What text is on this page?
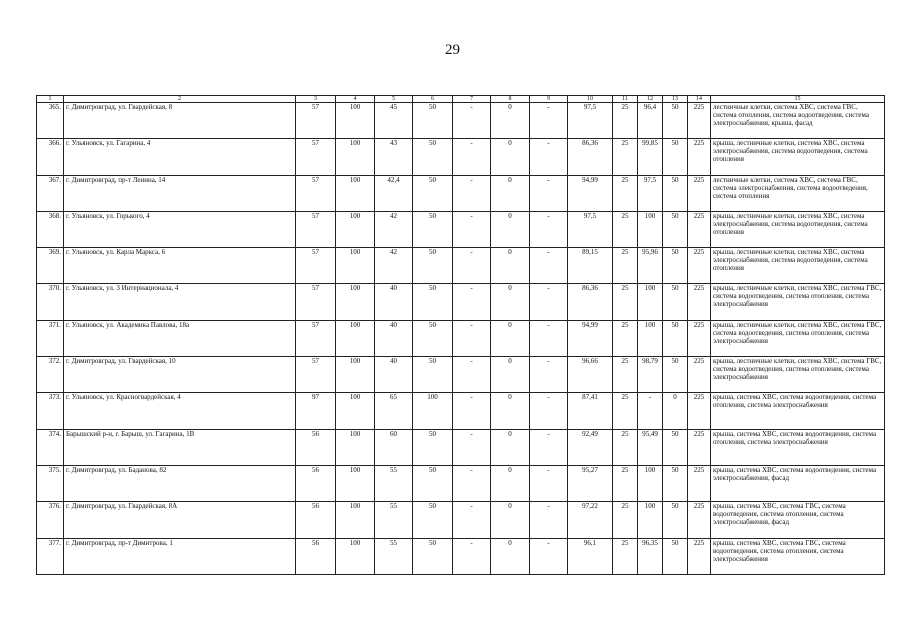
29
1	2	3	4	5	6	7	8	9	10	11	12	13	14	15
365.	г. Димитровград, ул. Гвардейская, 8	57	100	45	50	-	0	-	97,5	25	96,4	50	225	лестничные клетки, система ХВС, система ГВС, система отопления, система водоотведения, система электроснабжения, крыша, фасад
366.	г. Ульяновск, ул. Гагарина, 4	57	100	43	50	-	0	-	86,36	25	99,85	50	225	крыша, лестничные клетки, система ХВС, система электроснабжения, система водоотведения, система отопления
367.	г. Димитровград, пр-т Ленина, 14	57	100	42,4	50	-	0	-	94,99	25	97,5	50	225	лестничные клетки, система ХВС, система ГВС, система электроснабжения, система водоотведения, система отопления
368.	г. Ульяновск, ул. Горького, 4	57	100	42	50	-	0	-	97,5	25	100	50	225	крыша, лестничные клетки, система ХВС, система электроснабжения, система водоотведения, система отопления
369.	г. Ульяновск, ул. Карла Маркса, 6	57	100	42	50	-	0	-	89,15	25	95,96	50	225	крыша, лестничные клетки, система ХВС, система электроснабжения, система водоотведения, система отопления
370.	г. Ульяновск, ул. 3 Интернационала, 4	57	100	40	50	-	0	-	86,36	25	100	50	225	крыша, лестничные клетки, система ХВС, система ГВС, система водоотведения, система отопления, система электроснабжения
371.	г. Ульяновск, ул. Академика Павлова, 18а	57	100	40	50	-	0	-	94,99	25	100	50	225	крыша, лестничные клетки, система ХВС, система ГВС, система водоотведения, система отопления, система электроснабжения
372.	г. Димитровград, ул. Гвардейская, 10	57	100	40	50	-	0	-	96,66	25	98,79	50	225	крыша, лестничные клетки, система ХВС, система ГВС, система водоотведения, система отопления, система электроснабжения
373.	г. Ульяновск, ул. Красногвардейская, 4	97	100	65	100	-	0	-	87,41	25	-	0	225	крыша, система ХВС, система водоотведения, система отопления, система электроснабжения
374.	Барышский р-н, г. Барыш, ул. Гагарина, 1В	56	100	60	50	-	0	-	92,49	25	95,49	50	225	крыша, система ХВС, система водоотведения, система отопления, система электроснабжения
375.	г. Димитровград, ул. Баданова, 82	56	100	55	50	-	0	-	95,27	25	100	50	225	крыша, система ХВС, система водоотведения, система электроснабжения, фасад
376.	г. Димитровград, ул. Гвардейская, 8А	56	100	55	50	-	0	-	97,22	25	100	50	225	крыша, система ХВС, система ГВС, система водоотведения, система отопления, система электроснабжения, фасад
377.	г. Димитровград, пр-т Димитрова, 1	56	100	55	50	-	0	-	96,1	25	96,35	50	225	крыша, система ХВС, система ГВС, система водоотведения, система отопления, система электроснабжения
